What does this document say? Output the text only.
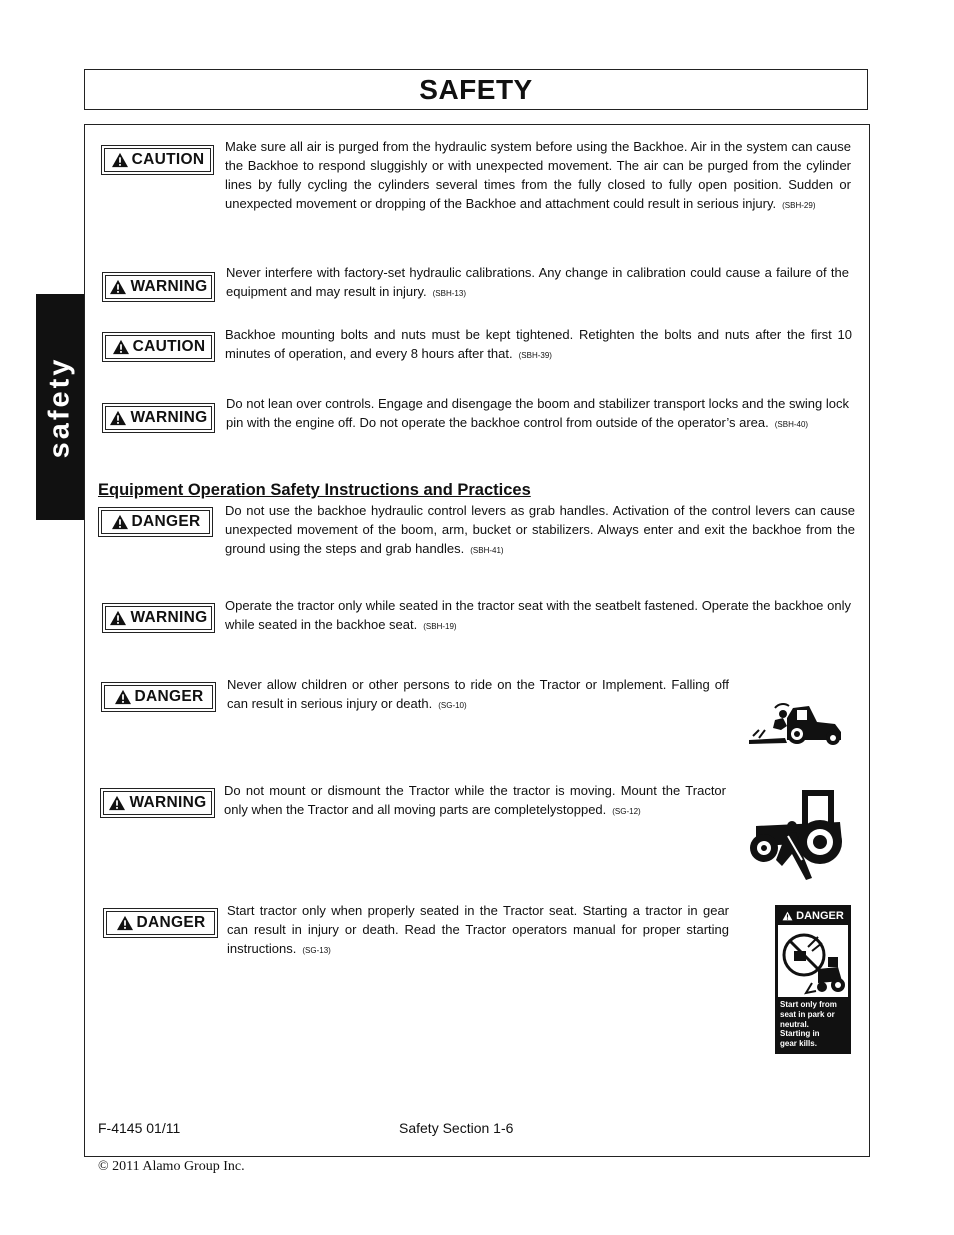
SAFETY
safety
CAUTION
Make sure all air is purged from the hydraulic system before using the Backhoe. Air in the system can cause the Backhoe to respond sluggishly or with unexpected movement. The air can be purged from the cylinder lines by fully cycling the cylinders several times from the fully closed to fully open position. Sudden or unexpected movement or dropping of the Backhoe and attachment could result in serious injury. (SBH-29)
WARNING
Never interfere with factory-set hydraulic calibrations. Any change in calibration could cause a failure of the equipment and may result in injury. (SBH-13)
CAUTION
Backhoe mounting bolts and nuts must be kept tightened. Retighten the bolts and nuts after the first 10 minutes of operation, and every 8 hours after that. (SBH-39)
WARNING
Do not lean over controls. Engage and disengage the boom and stabilizer transport locks and the swing lock pin with the engine off. Do not operate the backhoe control from outside of the operator’s area. (SBH-40)
Equipment Operation Safety Instructions and Practices
DANGER
Do not use the backhoe hydraulic control levers as grab handles. Activation of the control levers can cause unexpected movement of the boom, arm, bucket or stabilizers. Always enter and exit the backhoe from the ground using the steps and grab handles. (SBH-41)
WARNING
Operate the tractor only while seated in the tractor seat with the seatbelt fastened. Operate the backhoe only while seated in the backhoe seat. (SBH-19)
DANGER
Never allow children or other persons to ride on the Tractor or Implement. Falling off can result in serious injury or death. (SG-10)
WARNING
Do not mount or dismount the Tractor while the tractor is moving. Mount the Tractor only when the Tractor and all moving parts are completelystopped. (SG-12)
DANGER
Start tractor only when properly seated in the Tractor seat. Starting a tractor in gear can result in injury or death. Read the Tractor operators manual for proper starting instructions. (SG-13)
DANGER
Start only from
seat in park or
neutral.
Starting in
gear kills.
F-4145 01/11	Safety Section 1-6
© 2011 Alamo Group Inc.
